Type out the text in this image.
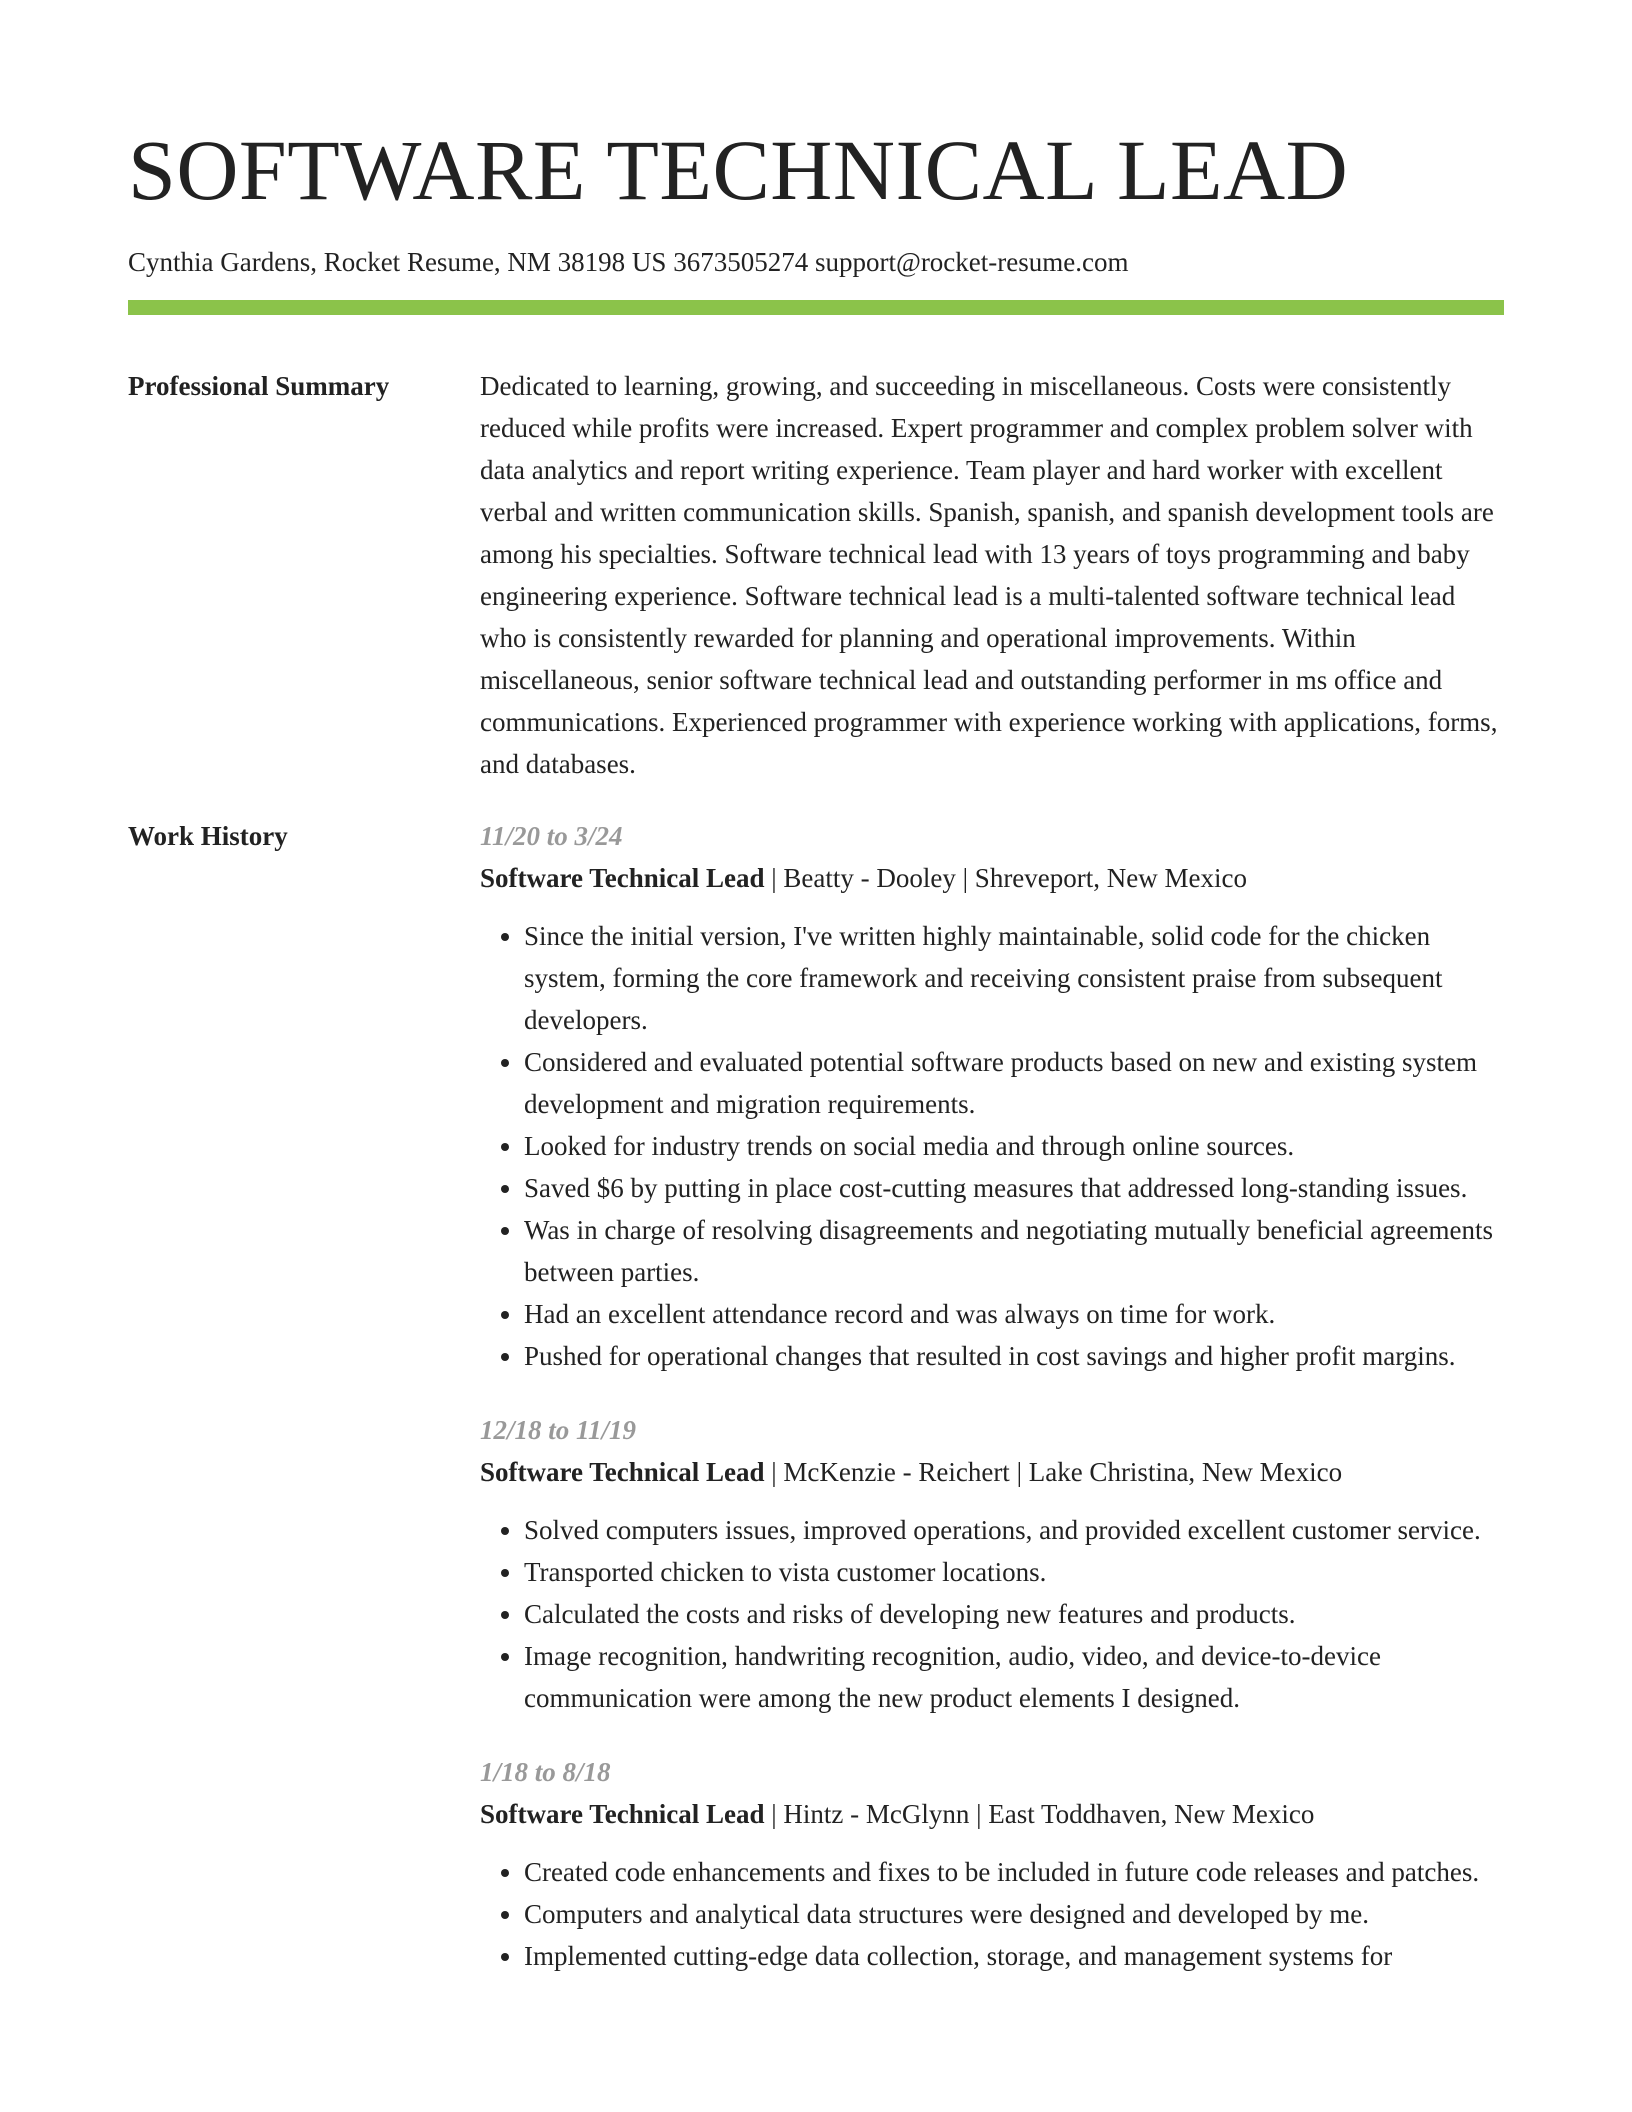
SOFTWARE TECHNICAL LEAD
Cynthia Gardens, Rocket Resume, NM 38198 US 3673505274 support@rocket-resume.com
Professional Summary	Dedicated to learning, growing, and succeeding in miscellaneous. Costs were consistently reduced while profits were increased. Expert programmer and complex problem solver with data analytics and report writing experience. Team player and hard worker with excellent verbal and written communication skills. Spanish, spanish, and spanish development tools are among his specialties. Software technical lead with 13 years of toys programming and baby engineering experience. Software technical lead is a multi-talented software technical lead who is consistently rewarded for planning and operational improvements. Within miscellaneous, senior software technical lead and outstanding performer in ms office and communications. Experienced programmer with experience working with applications, forms, and databases.

Work History	11/20 to 3/24
Software Technical Lead | Beatty - Dooley | Shreveport, New Mexico
• Since the initial version, I've written highly maintainable, solid code for the chicken system, forming the core framework and receiving consistent praise from subsequent developers.
• Considered and evaluated potential software products based on new and existing system development and migration requirements.
• Looked for industry trends on social media and through online sources.
• Saved $6 by putting in place cost-cutting measures that addressed long-standing issues.
• Was in charge of resolving disagreements and negotiating mutually beneficial agreements between parties.
• Had an excellent attendance record and was always on time for work.
• Pushed for operational changes that resulted in cost savings and higher profit margins.
12/18 to 11/19
Software Technical Lead | McKenzie - Reichert | Lake Christina, New Mexico
• Solved computers issues, improved operations, and provided excellent customer service.
• Transported chicken to vista customer locations.
• Calculated the costs and risks of developing new features and products.
• Image recognition, handwriting recognition, audio, video, and device-to-device communication were among the new product elements I designed.
1/18 to 8/18
Software Technical Lead | Hintz - McGlynn | East Toddhaven, New Mexico
• Created code enhancements and fixes to be included in future code releases and patches.
• Computers and analytical data structures were designed and developed by me.
• Implemented cutting-edge data collection, storage, and management systems for
